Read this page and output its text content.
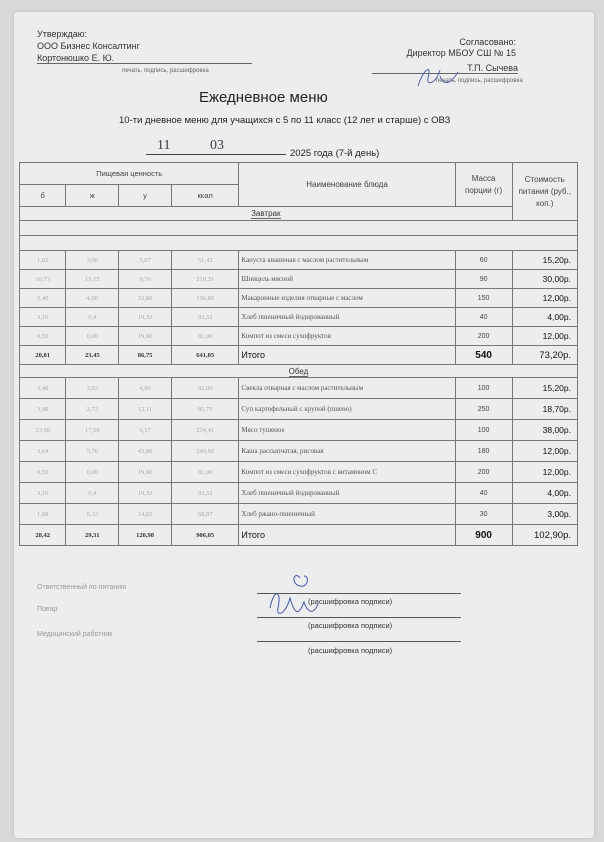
Утверждаю:
ООО Бизнес Консалтинг
Кортонюшко Е. Ю.
печать, подпись, расшифровка
Согласовано:
Директор МБОУ СШ № 15
Т.П. Сычева
печать, подпись, расшифровка
Ежедневное меню
10-ти дневное меню для учащихся с 5 по 11 класс (12 лет и старше) с ОВЗ
11	03
2025 года (7-й день)
Пищевая ценность				Наименование блюда	Масса порции (г)	Стоимость питания (руб., коп.)
б	ж	у	ккал			
Завтрак						

1,02	3,00	5,07	51,42	Капуста квашеная с маслом растительным	60	15,20р.
10,73	15,15	9,76	218,31	Шницель мясной	90	30,00р.
5,40	4,90	32,80	196,80	Макаронные изделия отварные с маслом	150	12,00р.
3,16	0,4	19,32	93,52	Хлеб пшеничный йодированный	40	4,00р.
0,50	0,00	19,80	81,00	Компот из смеси сухофруктов	200	12,00р.
20,81	23,45	86,75	641,05	Итого	540	73,20р.
Обед						
3,48	3,03	4,96	92,80	Свекла отварная с маслом растительным	100	15,20р.
3,98	2,72	12,11	85,75	Суп картофельный с крупой (пшено)	250	18,70р.
13,98	17,09	6,17	234,41	Мясо тушеное	100	38,00р.
3,64	5,76	43,80	249,60	Каша рассыпчатая, рисовая	180	12,00р.
0,50	0,00	19,80	81,00	Компот из смеси сухофруктов с витамином С	200	12,00р.
3,16	0,4	19,32	93,52	Хлеб пшеничный йодированный	40	4,00р.
1,68	0,33	14,82	68,97	Хлеб ржано-пшеничный	30	3,00р.
28,42	29,31	120,98	906,05	Итого	900	102,90р.
Ответственный по питанию
(расшифровка подписи)
Повар
(расшифровка подписи)
Медицинский работник
(расшифровка подписи)
